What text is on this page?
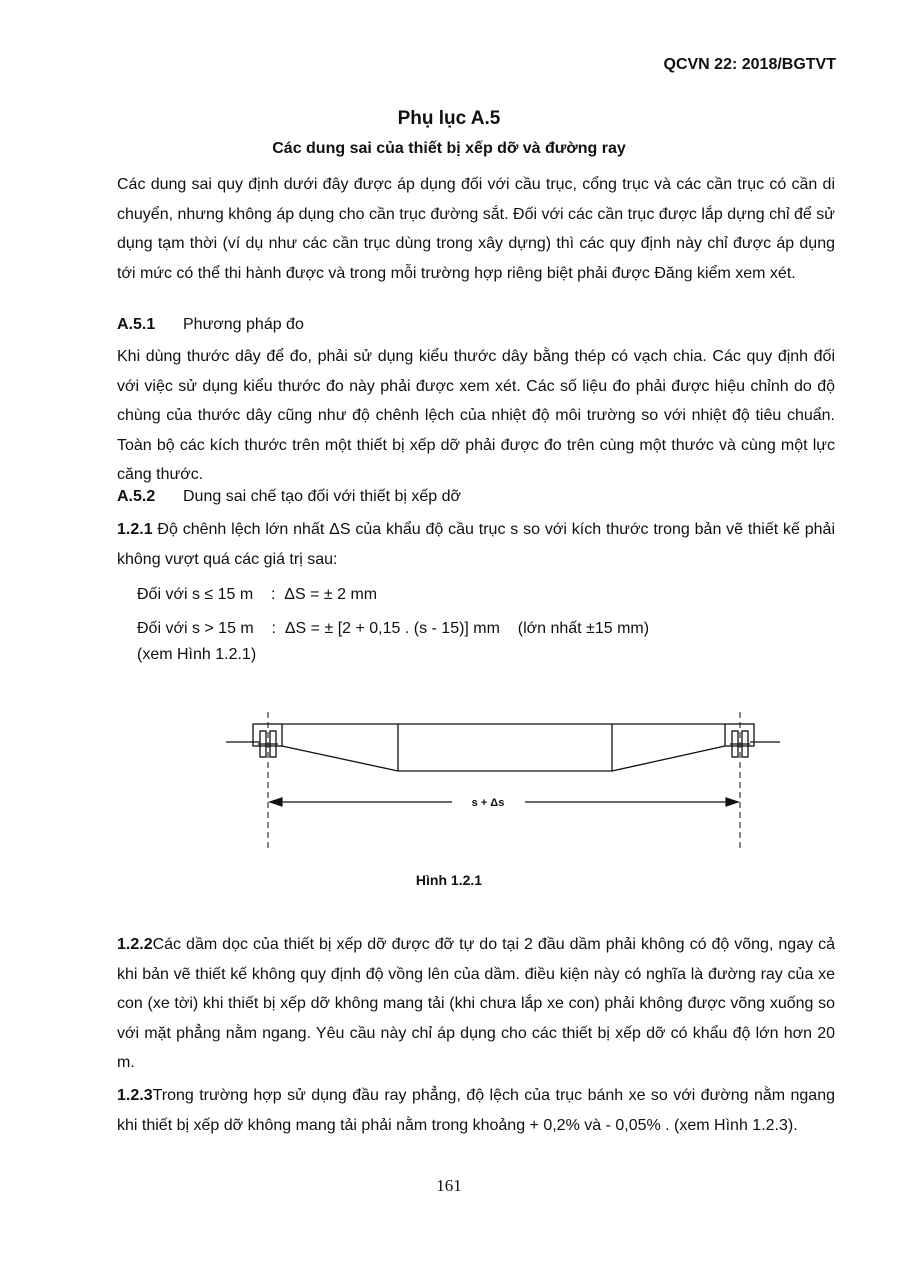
QCVN 22: 2018/BGTVT
Phụ lục A.5
Các dung sai của thiết bị xếp dỡ và đường ray

Các dung sai quy định dưới đây được áp dụng đối với cầu trục, cổng trục và các cần trục có cần di chuyển, nhưng không áp dụng cho cần trục đường sắt. Đối với các cần trục được lắp dựng chỉ để sử dụng tạm thời (ví dụ như các cần trục dùng trong xây dựng) thì các quy định này chỉ được áp dụng tới mức có thể thi hành được và trong mỗi trường hợp riêng biệt phải được Đăng kiểm xem xét.

A.5.1 Phương pháp đo

Khi dùng thước dây để đo, phải sử dụng kiểu thước dây bằng thép có vạch chia. Các quy định đối với việc sử dụng kiểu thước đo này phải được xem xét. Các số liệu đo phải được hiệu chỉnh do độ chùng của thước dây cũng như độ chênh lệch của nhiệt độ môi trường so với nhiệt độ tiêu chuẩn. Toàn bộ các kích thước trên một thiết bị xếp dỡ phải được đo trên cùng một thước và cùng một lực căng thước.

A.5.2 Dung sai chế tạo đối với thiết bị xếp dỡ

1.2.1 Độ chênh lệch lớn nhất ΔS của khẩu độ cầu trục s so với kích thước trong bản vẽ thiết kế phải không vượt quá các giá trị sau:

Đối với s ≤ 15 m    :  ΔS = ± 2 mm
Đối với s > 15 m    :  ΔS = ± [2 + 0,15 . (s - 15)] mm    (lớn nhất ±15 mm)
(xem Hình 1.2.1)
s + Δs
Hình 1.2.1

1.2.2Các dầm dọc của thiết bị xếp dỡ được đỡ tự do tại 2 đầu dầm phải không có độ võng, ngay cả khi bản vẽ thiết kế không quy định độ vồng lên của dầm. điều kiện này có nghĩa là đường ray của xe con (xe tời) khi thiết bị xếp dỡ không mang tải (khi chưa lắp xe con) phải không được võng xuống so với mặt phẳng nằm ngang. Yêu cầu này chỉ áp dụng cho các thiết bị xếp dỡ có khẩu độ lớn hơn 20 m.

1.2.3Trong trường hợp sử dụng đầu ray phẳng, độ lệch của trục bánh xe so với đường nằm ngang khi thiết bị xếp dỡ không mang tải phải nằm trong khoảng + 0,2% và - 0,05% . (xem Hình 1.2.3).

161
